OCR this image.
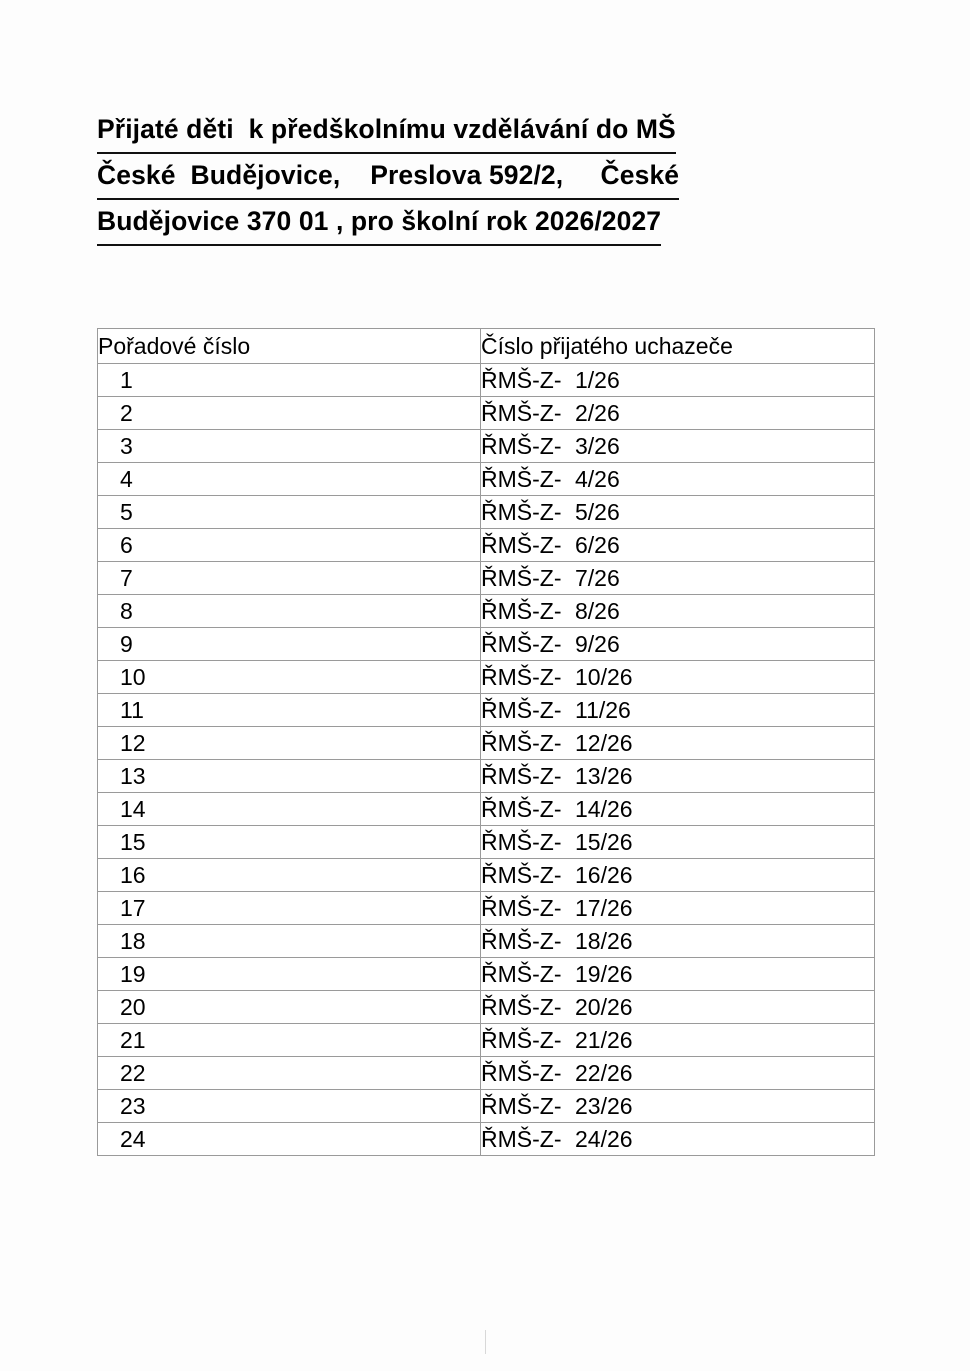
Přijaté děti  k předškolnímu vzdělávání do MŠ
České  Budějovice,    Preslova 592/2,     České
Budějovice 370 01 , pro školní rok 2026/2027
Pořadové číslo	Číslo přijatého uchazeče
1	ŘMŠ-Z- 1/26
2	ŘMŠ-Z- 2/26
3	ŘMŠ-Z- 3/26
4	ŘMŠ-Z- 4/26
5	ŘMŠ-Z- 5/26
6	ŘMŠ-Z- 6/26
7	ŘMŠ-Z- 7/26
8	ŘMŠ-Z- 8/26
9	ŘMŠ-Z- 9/26
10	ŘMŠ-Z- 10/26
11	ŘMŠ-Z- 11/26
12	ŘMŠ-Z- 12/26
13	ŘMŠ-Z- 13/26
14	ŘMŠ-Z- 14/26
15	ŘMŠ-Z- 15/26
16	ŘMŠ-Z- 16/26
17	ŘMŠ-Z- 17/26
18	ŘMŠ-Z- 18/26
19	ŘMŠ-Z- 19/26
20	ŘMŠ-Z- 20/26
21	ŘMŠ-Z- 21/26
22	ŘMŠ-Z- 22/26
23	ŘMŠ-Z- 23/26
24	ŘMŠ-Z- 24/26
